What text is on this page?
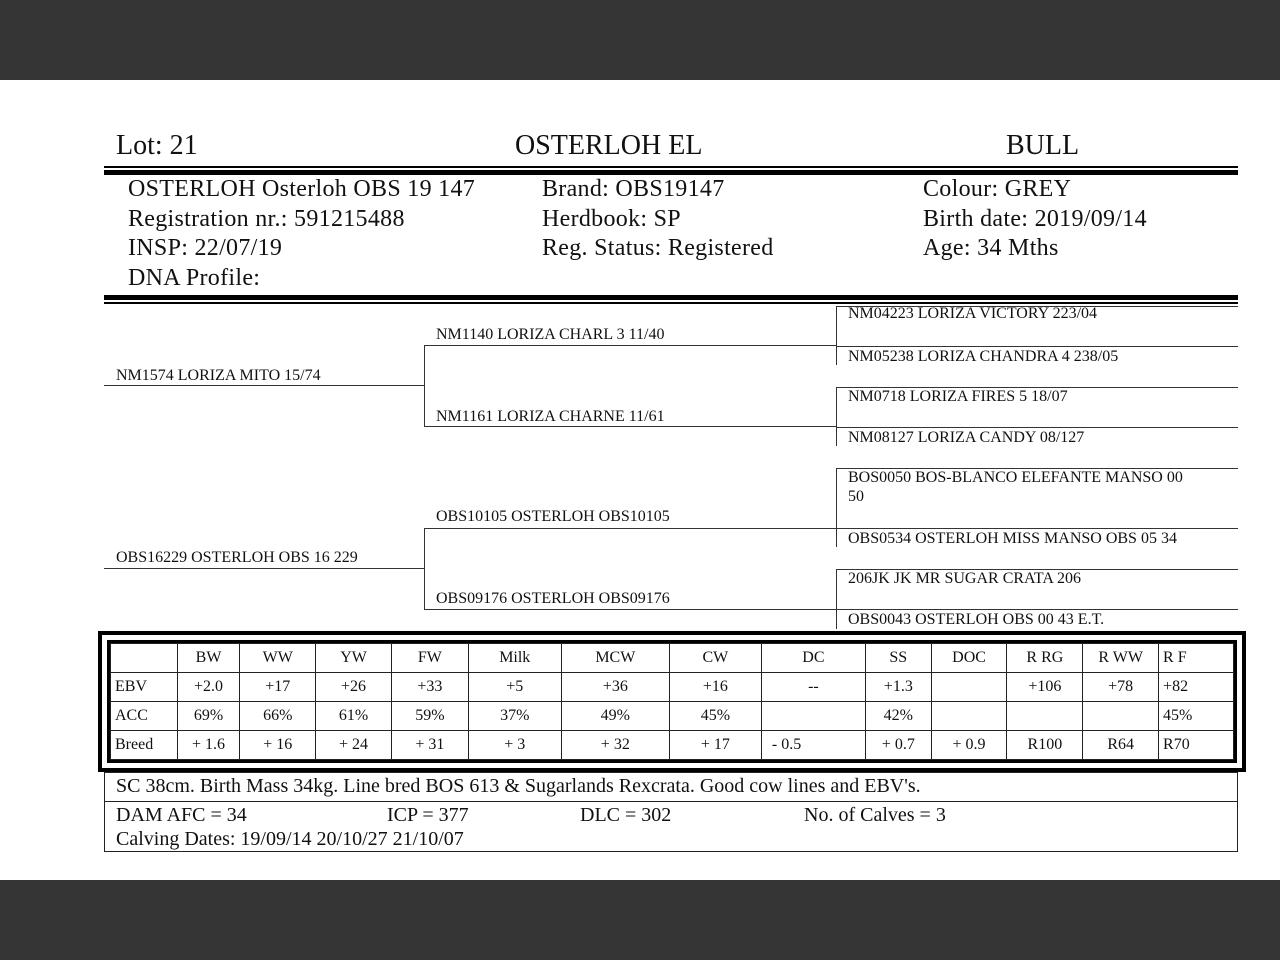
Lot: 21	OSTERLOH EL	BULL
OSTERLOH Osterloh OBS 19 147
Registration nr.: 591215488
INSP: 22/07/19
DNA Profile:
Brand: OBS19147
Herdbook: SP
Reg. Status: Registered
Colour: GREY
Birth date: 2019/09/14
Age: 34 Mths
NM1574 LORIZA MITO 15/74
OBS16229 OSTERLOH OBS 16 229
NM1140 LORIZA CHARL 3 11/40
NM1161 LORIZA CHARNE 11/61
OBS10105 OSTERLOH OBS10105
OBS09176 OSTERLOH OBS09176
NM04223 LORIZA VICTORY 223/04
NM05238 LORIZA CHANDRA 4 238/05
NM0718 LORIZA FIRES 5 18/07
NM08127 LORIZA CANDY 08/127
BOS0050 BOS-BLANCO ELEFANTE MANSO 00
50
OBS0534 OSTERLOH MISS MANSO OBS 05 34
206JK JK MR SUGAR CRATA 206
OBS0043 OSTERLOH OBS 00 43 E.T.
	BW	WW	YW	FW	Milk	MCW	CW	DC	SS	DOC	R RG	R WW	R F
EBV	+2.0	+17	+26	+33	+5	+36	+16	--	+1.3		+106	+78	+82
ACC	69%	66%	61%	59%	37%	49%	45%		42%				45%
Breed	+ 1.6	+ 16	+ 24	+ 31	+ 3	+ 32	+ 17	- 0.5	+ 0.7	+ 0.9	R100	R64	R70
SC 38cm. Birth Mass 34kg. Line bred BOS 613 & Sugarlands Rexcrata. Good cow lines and EBV's.
DAM AFC = 34	ICP = 377	DLC = 302	No. of Calves = 3
Calving Dates: 19/09/14 20/10/27 21/10/07
